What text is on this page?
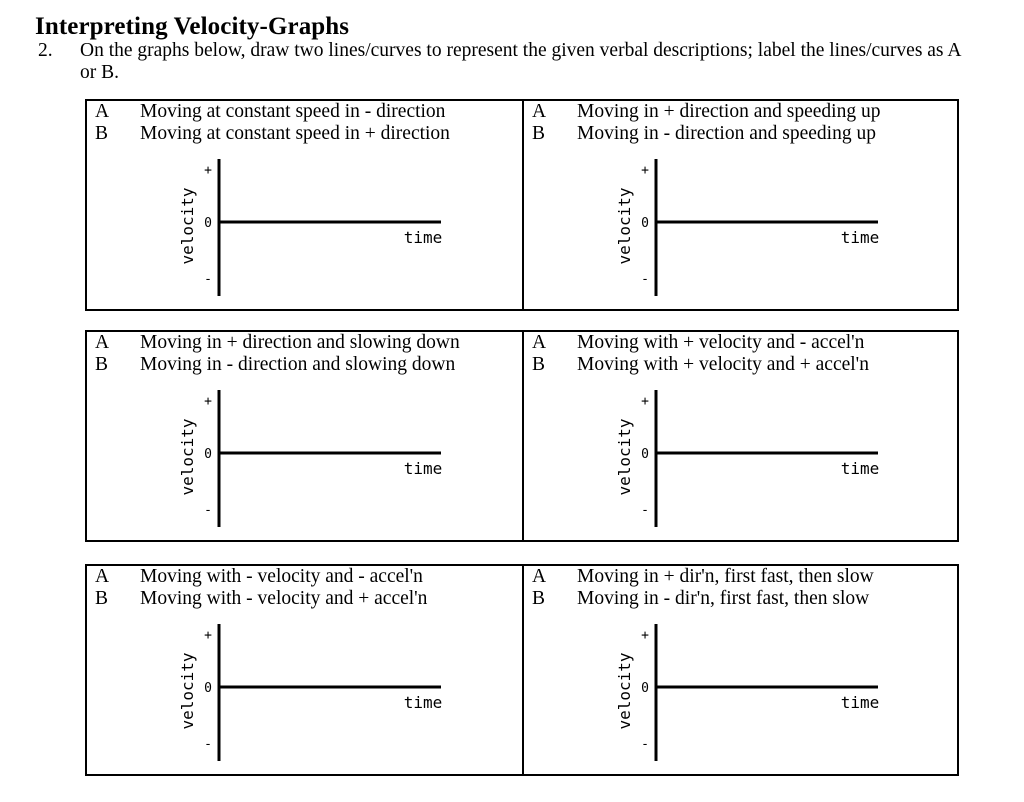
Interpreting Velocity-Graphs
2. On the graphs below, draw two lines/curves to represent the given verbal descriptions; label the lines/curves as A or B.
A Moving at constant speed in - direction
B Moving at constant speed in + direction
+
0
-
velocity	time
A Moving in + direction and speeding up
B Moving in - direction and speeding up
+
0
-
velocity	time
A Moving in + direction and slowing down
B Moving in - direction and slowing down
+
0
-
velocity	time
A Moving with + velocity and - accel'n
B Moving with + velocity and + accel'n
+
0
-
velocity	time
A Moving with - velocity and - accel'n
B Moving with - velocity and + accel'n
+
0
-
velocity	time
A Moving in + dir'n, first fast, then slow
B Moving in - dir'n, first fast, then slow
+
0
-
velocity	time
